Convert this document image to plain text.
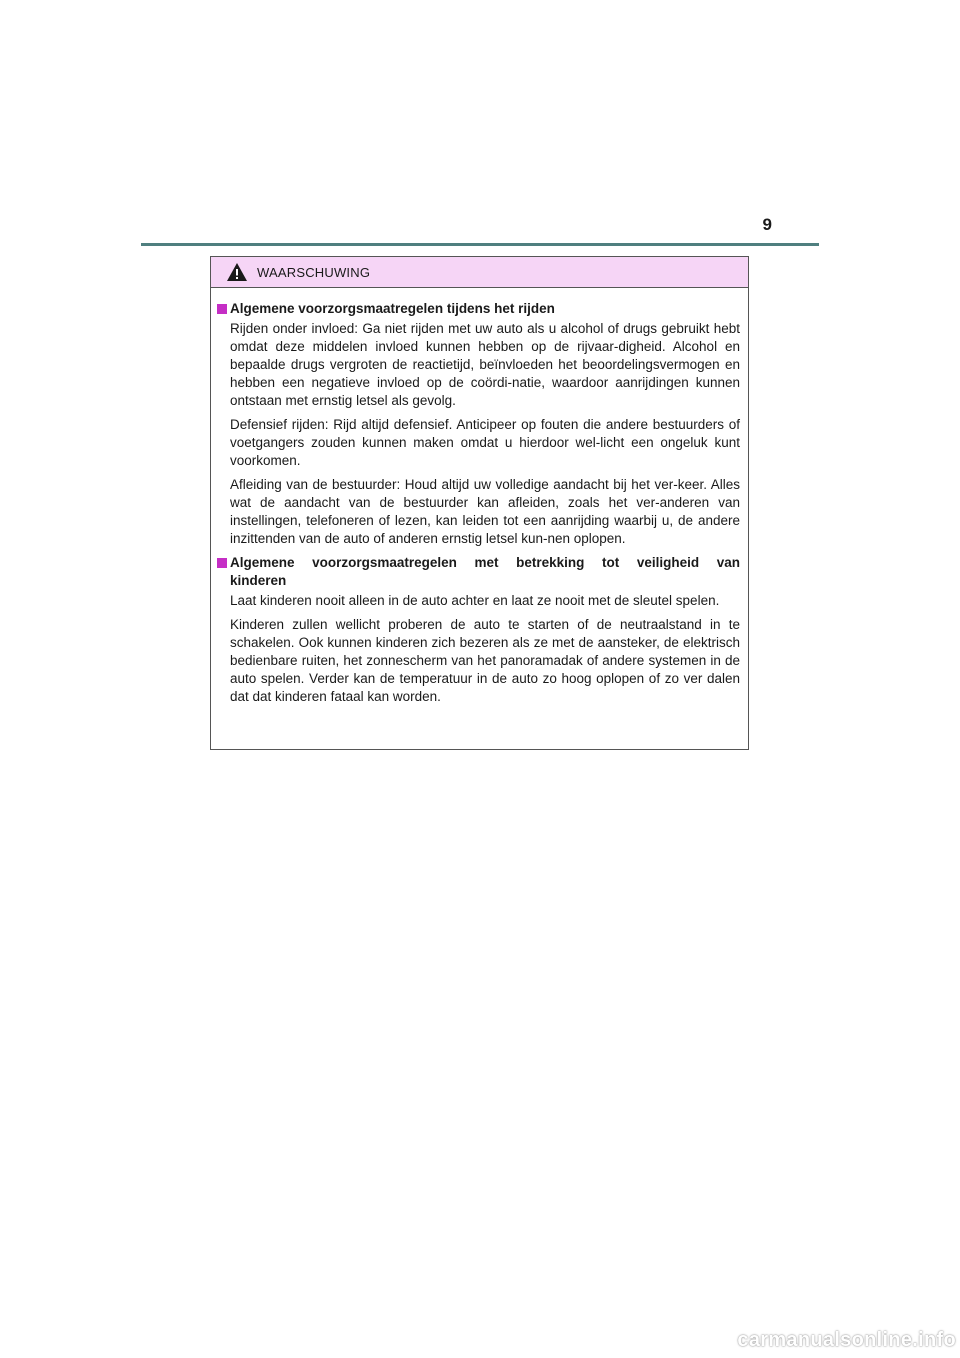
9
WAARSCHUWING
Algemene voorzorgsmaatregelen tijdens het rijden

Rijden onder invloed: Ga niet rijden met uw auto als u alcohol of drugs gebruikt hebt omdat deze middelen invloed kunnen hebben op de rijvaar-digheid. Alcohol en bepaalde drugs vergroten de reactietijd, beïnvloeden het beoordelingsvermogen en hebben een negatieve invloed op de coördi-natie, waardoor aanrijdingen kunnen ontstaan met ernstig letsel als gevolg.

Defensief rijden: Rijd altijd defensief. Anticipeer op fouten die andere bestuurders of voetgangers zouden kunnen maken omdat u hierdoor wel-licht een ongeluk kunt voorkomen.

Afleiding van de bestuurder: Houd altijd uw volledige aandacht bij het ver-keer. Alles wat de aandacht van de bestuurder kan afleiden, zoals het ver-anderen van instellingen, telefoneren of lezen, kan leiden tot een aanrijding waarbij u, de andere inzittenden van de auto of anderen ernstig letsel kun-nen oplopen.

Algemene voorzorgsmaatregelen met betrekking tot veiligheid van
kinderen

Laat kinderen nooit alleen in de auto achter en laat ze nooit met de sleutel spelen.

Kinderen zullen wellicht proberen de auto te starten of de neutraalstand in te schakelen. Ook kunnen kinderen zich bezeren als ze met de aansteker, de elektrisch bedienbare ruiten, het zonnescherm van het panoramadak of andere systemen in de auto spelen. Verder kan de temperatuur in de auto zo hoog oplopen of zo ver dalen dat dat kinderen fataal kan worden.

carmanualsonline.info
